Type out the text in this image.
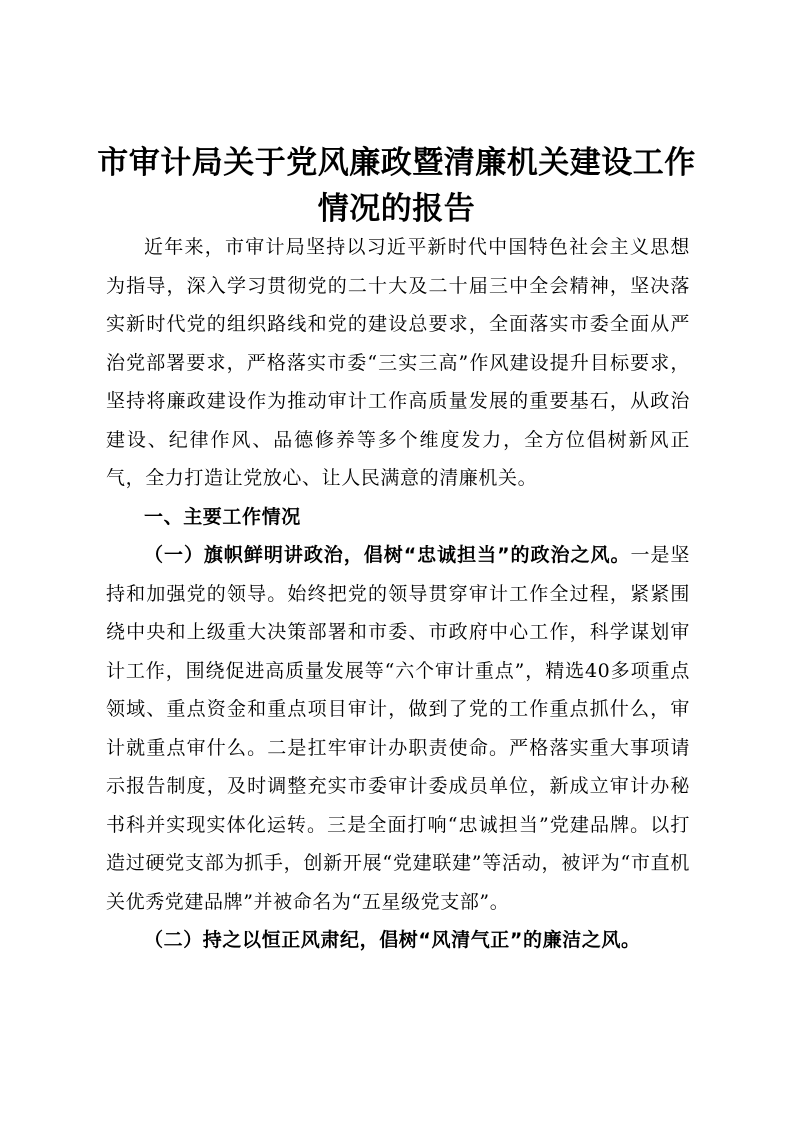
市审计局关于党风廉政暨清廉机关建设工作情况的报告

近年来，市审计局坚持以习近平新时代中国特色社会主义思想为指导，深入学习贯彻党的二十大及二十届三中全会精神，坚决落实新时代党的组织路线和党的建设总要求，全面落实市委全面从严治党部署要求，严格落实市委“三实三高”作风建设提升目标要求，坚持将廉政建设作为推动审计工作高质量发展的重要基石，从政治建设、纪律作风、品德修养等多个维度发力，全方位倡树新风正气，全力打造让党放心、让人民满意的清廉机关。

一、主要工作情况

（一）旗帜鲜明讲政治，倡树“忠诚担当”的政治之风。一是坚持和加强党的领导。始终把党的领导贯穿审计工作全过程，紧紧围绕中央和上级重大决策部署和市委、市政府中心工作，科学谋划审计工作，围绕促进高质量发展等“六个审计重点”，精选40多项重点领域、重点资金和重点项目审计，做到了党的工作重点抓什么，审计就重点审什么。二是扛牢审计办职责使命。严格落实重大事项请示报告制度，及时调整充实市委审计委成员单位，新成立审计办秘书科并实现实体化运转。三是全面打响“忠诚担当”党建品牌。以打造过硬党支部为抓手，创新开展“党建联建”等活动，被评为“市直机关优秀党建品牌”并被命名为“五星级党支部”。

（二）持之以恒正风肃纪，倡树“风清气正”的廉洁之风。
